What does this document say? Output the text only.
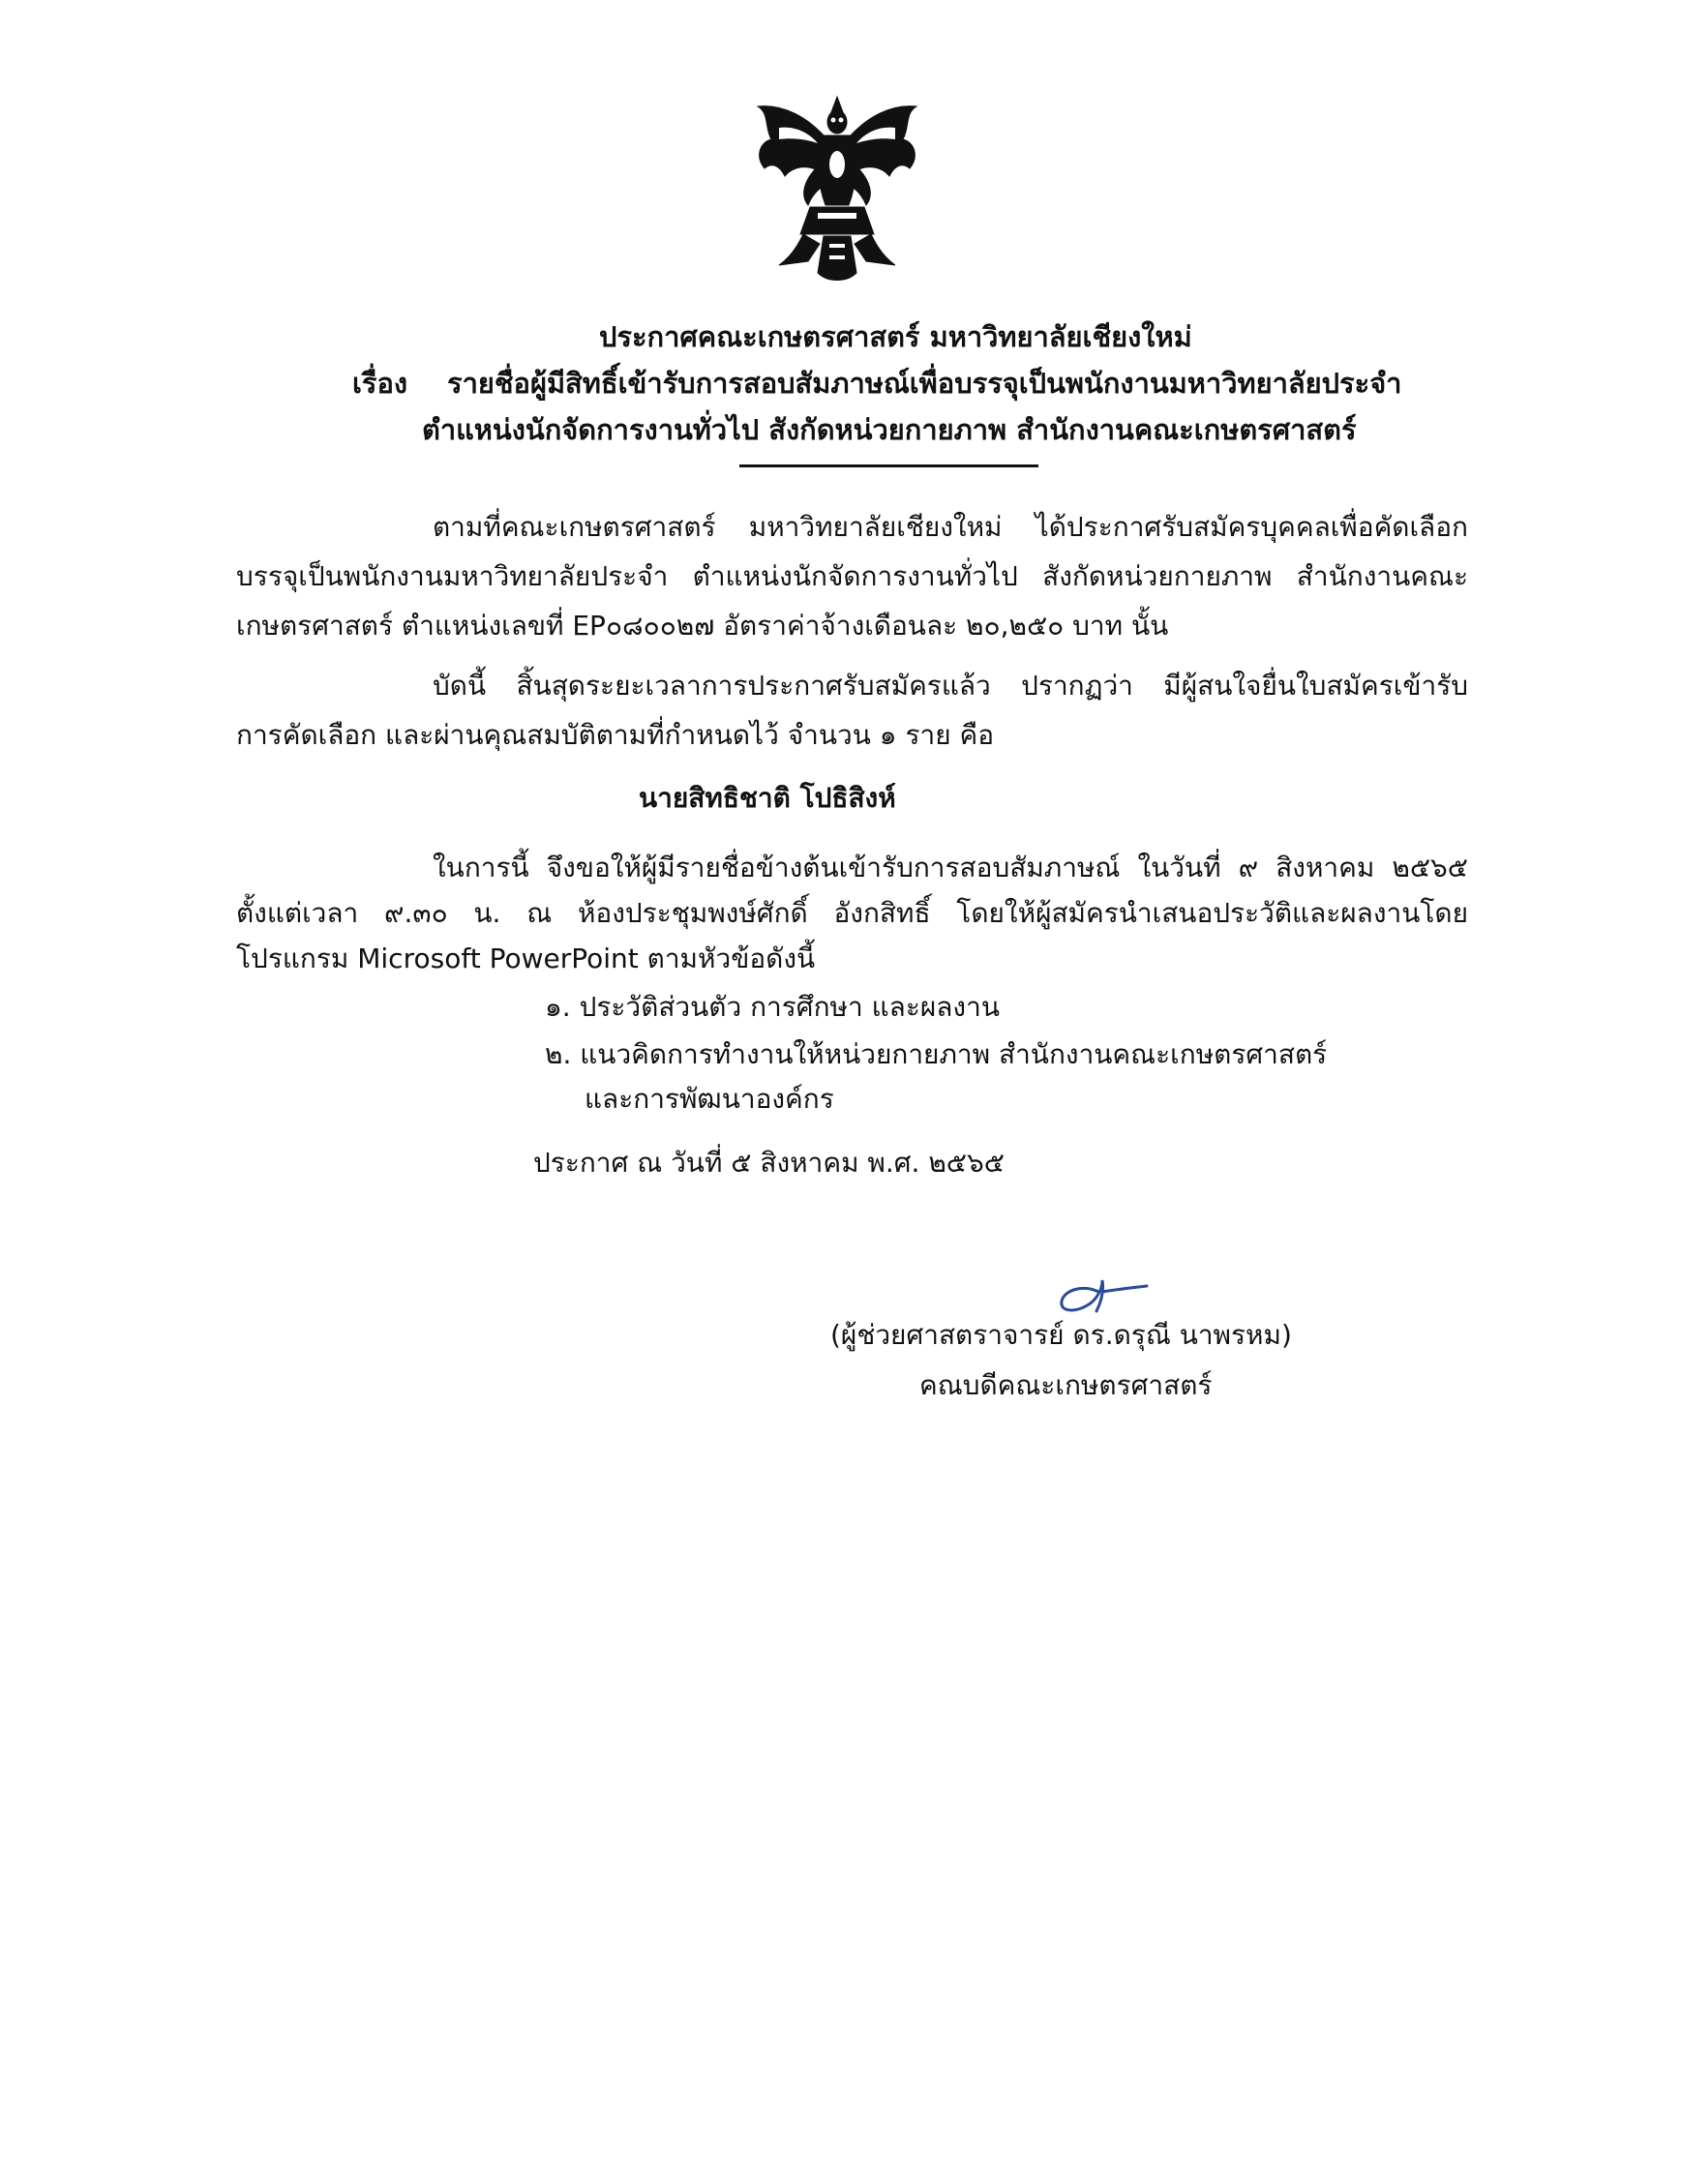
ประกาศคณะเกษตรศาสตร์ มหาวิทยาลัยเชียงใหม่
เรื่อง รายชื่อผู้มีสิทธิ์เข้ารับการสอบสัมภาษณ์เพื่อบรรจุเป็นพนักงานมหาวิทยาลัยประจำ
ตำแหน่งนักจัดการงานทั่วไป สังกัดหน่วยกายภาพ สำนักงานคณะเกษตรศาสตร์
ตามที่คณะเกษตรศาสตร์ มหาวิทยาลัยเชียงใหม่ ได้ประกาศรับสมัครบุคคลเพื่อคัดเลือก
บรรจุเป็นพนักงานมหาวิทยาลัยประจำ ตำแหน่งนักจัดการงานทั่วไป สังกัดหน่วยกายภาพ สำนักงานคณะ
เกษตรศาสตร์ ตำแหน่งเลขที่ EP๐๘๐๐๒๗ อัตราค่าจ้างเดือนละ ๒๐,๒๕๐ บาท นั้น
บัดนี้ สิ้นสุดระยะเวลาการประกาศรับสมัครแล้ว ปรากฏว่า มีผู้สนใจยื่นใบสมัครเข้ารับ
การคัดเลือก และผ่านคุณสมบัติตามที่กำหนดไว้ จำนวน ๑ ราย คือ
นายสิทธิชาติ โปธิสิงห์
ในการนี้ จึงขอให้ผู้มีรายชื่อข้างต้นเข้ารับการสอบสัมภาษณ์ ในวันที่ ๙ สิงหาคม ๒๕๖๕
ตั้งแต่เวลา ๙.๓๐ น. ณ ห้องประชุมพงษ์ศักดิ์ อังกสิทธิ์ โดยให้ผู้สมัครนำเสนอประวัติและผลงานโดย
โปรแกรม Microsoft PowerPoint ตามหัวข้อดังนี้
๑. ประวัติส่วนตัว การศึกษา และผลงาน
๒. แนวคิดการทำงานให้หน่วยกายภาพ สำนักงานคณะเกษตรศาสตร์
และการพัฒนาองค์กร
ประกาศ ณ วันที่ ๕ สิงหาคม พ.ศ. ๒๕๖๕
(ผู้ช่วยศาสตราจารย์ ดร.ดรุณี นาพรหม)
คณบดีคณะเกษตรศาสตร์
